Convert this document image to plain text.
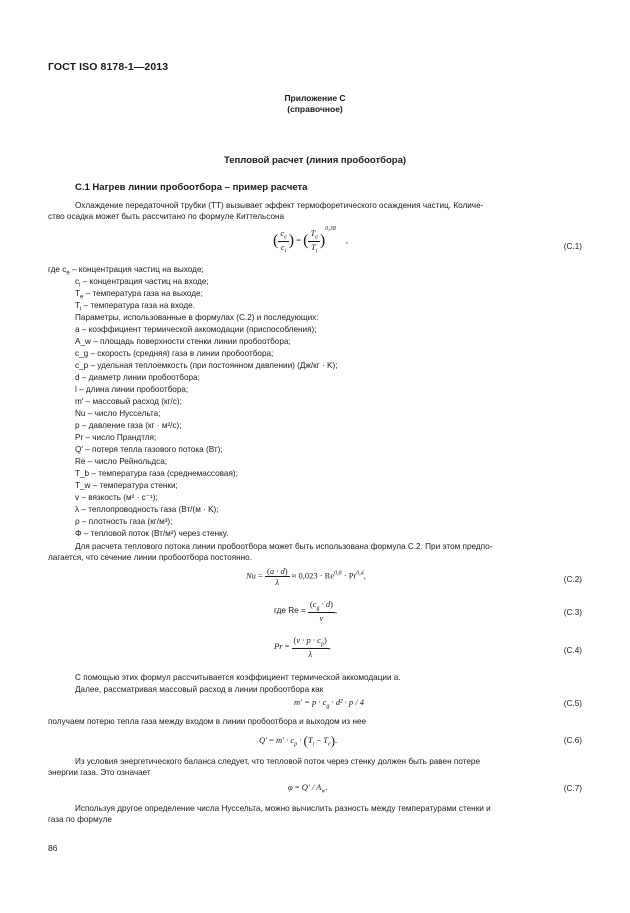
ГОСТ ISO 8178-1—2013
Приложение C
(справочное)
Тепловой расчет (линия пробоотбора)
C.1 Нагрев линии пробоотбора – пример расчета
Охлаждение передаточной трубки (ТТ) вызывает эффект термофоретического осаждения частиц. Количе-
ство осадка может быть рассчитано по формуле Киттельсона
( $\frac{c_e}{c_i}$ ) = ( $\frac{T_e}{T_i} )^{0,38}$ ,
(C.1)
где $c_e$ – концентрация частиц на выходе;
$c_i$ – концентрация частиц на входе;
$T_e$ – температура газа на выходе;
$T_i$ – температура газа на входе.
Параметры, использованные в формулах (C.2) и последующих:
a – коэффициент термической аккомодации (приспособления);
A_w – площадь поверхности стенки линии пробоотбора;
c_g – скорость (средняя) газа в линии пробоотбора;
c_p – удельная теплоемкость (при постоянном давлении) (Дж/кг · K);
d – диаметр линии пробоотбора;
l – длина линии пробоотбора;
m' – массовый расход (кг/с);
Nu – число Нуссельта;
p – давление газа (кг · м²/с);
Pr – число Прандтля;
Q' – потеря тепла газового потока (Вт);
Re – число Рейнольдса;
T_b – температура газа (среднемассовая);
T_w – температура стенки;
v – вязкость (м² · с⁻¹);
λ – теплопроводность газа (Вт/(м · K);
ρ – плотность газа (кг/м³);
Φ – тепловой поток (Вт/м²) через стенку.
Для расчета теплового потока линии пробоотбора может быть использована формула C.2. При этом предпо-
лагается, что сечение линии пробоотбора постоянно.
$Nu = \frac{(a \cdot d)}{\lambda} \approx 0,023 \cdot Re^{0,8} \cdot Pr^{0,4}$,	(C.2)
где $Re = \frac{(c_g \cdot d)}{\nu}$ ,	(C.3)
$Pr = \frac{(\nu \cdot p \cdot c_p)}{\lambda}$ ,	(C.4)
С помощью этих формул рассчитывается коэффициент термической аккомодации a.
Далее, рассматривая массовый расход в линии пробоотбора как
$m' = p \cdot c_g \cdot d^2 \cdot p / 4$	(C.5)
получаем потерю тепла газа между входом в линии пробоотбора и выходом из нее
$Q' = m' \cdot c_p \cdot (T_i - T_e)$.	(C.6)
Из условия энергетического баланса следует, что тепловой поток через стенку должен быть равен потере
энергии газа. Это означает
$\varphi = Q' / A_w$.	(C.7)
Используя другое определение числа Нуссельта, можно вычислить разность между температурами стенки и
газа по формуле
86
